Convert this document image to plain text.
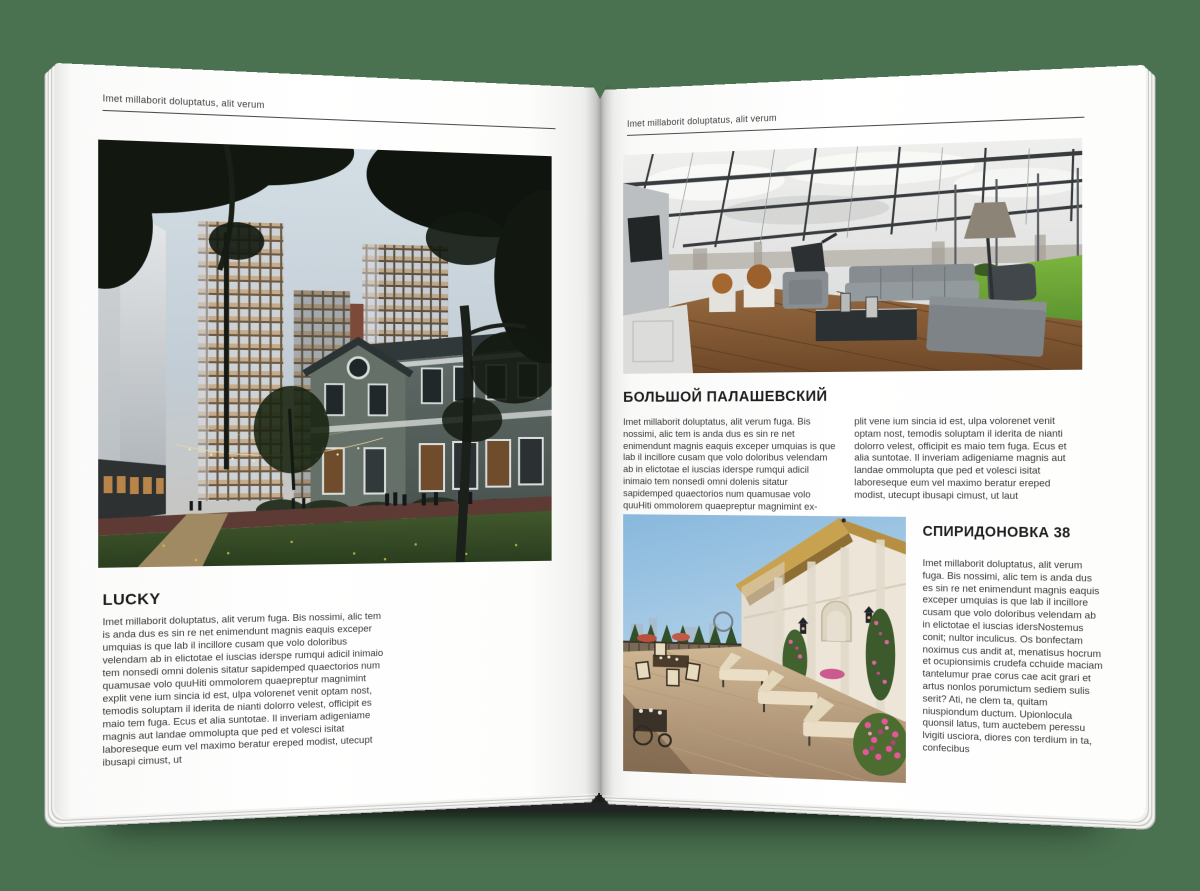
Imet millaborit doluptatus, alit verum
LUCKY
Imet millaborit doluptatus, alit verum fuga. Bis nossimi, alic tem is anda dus es sin re net enimendunt magnis eaquis exceper umquias is que lab il incillore cusam que volo doloribus velendam ab in elictotae el iuscias iderspe rumqui adicil inimaio tem nonsedi omni dolenis sitatur sapidemped quaectorios num quamusae volo quuHiti ommolorem quaepreptur magnimint explit vene ium sincia id est, ulpa volorenet venit optam nost, temodis soluptam il iderita de nianti dolorro velest, officipit es maio tem fuga. Ecus et alia suntotae. Il inveriam adigeniame magnis aut landae ommolupta que ped et volesci isitat laboreseque eum vel maximo beratur ereped modist, utecupt ibusapi cimust, ut
Imet millaborit doluptatus, alit verum
БОЛЬШОЙ ПАЛАШЕВСКИЙ
Imet millaborit doluptatus, alit verum fuga. Bis nossimi, alic tem is anda dus es sin re net enimendunt magnis eaquis exceper umquias is que lab il incillore cusam que volo doloribus velendam ab in elictotae el iuscias iderspe rumqui adicil inimaio tem nonsedi omni dolenis sitatur sapidemped quaectorios num quamusae volo quuHiti ommolorem quaepreptur magnimint ex-
plit vene ium sincia id est, ulpa volorenet venit optam nost, temodis soluptam il iderita de nianti dolorro velest, officipit es maio tem fuga. Ecus et alia suntotae. Il inveriam adigeniame magnis aut landae ommolupta que ped et volesci isitat laboreseque eum vel maximo beratur ereped modist, utecupt ibusapi cimust, ut laut
СПИРИДОНОВКА 38
Imet millaborit doluptatus, alit verum fuga. Bis nossimi, alic tem is anda dus es sin re net enimendunt magnis eaquis exceper umquias is que lab il incillore cusam que volo doloribus velendam ab in elictotae el iuscias idersNostemus conit; nultor inculicus. Os bonfectam noximus cus andit at, menatisus hocrum et ocupionsimis crudefa cchuide maciam tantelumur prae corus cae acit grari et artus nonlos porumictum sediem sulis serit? Ati, ne clem ta, quitam niuspiondum ductum. Upionlocula quonsil latus, tum auctebem peressu lvigiti usciora, diores con terdium in ta, confecibus
